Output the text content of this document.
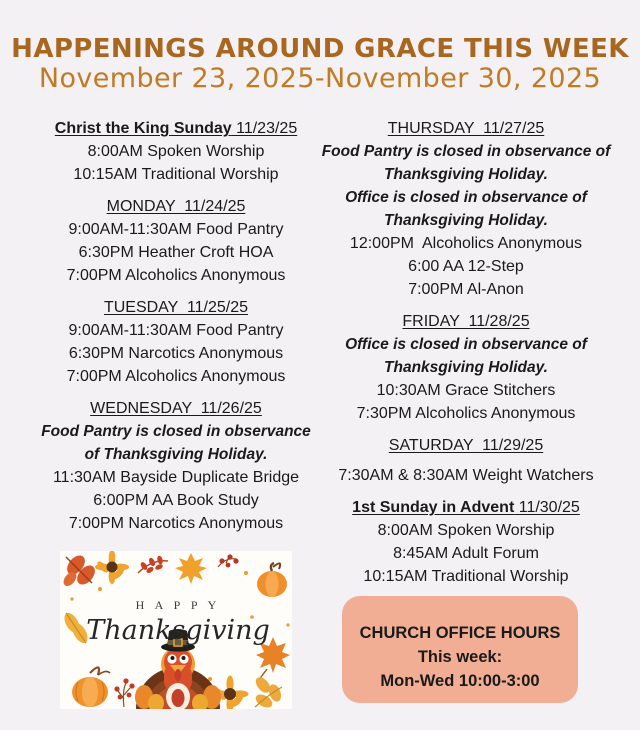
HAPPENINGS AROUND GRACE THIS WEEK
November 23, 2025-November 30, 2025
Christ the King Sunday 11/23/25

8:00AM Spoken Worship

10:15AM Traditional Worship

MONDAY  11/24/25

9:00AM-11:30AM Food Pantry

6:30PM Heather Croft HOA

7:00PM Alcoholics Anonymous

TUESDAY  11/25/25

9:00AM-11:30AM Food Pantry

6:30PM Narcotics Anonymous

7:00PM Alcoholics Anonymous

WEDNESDAY  11/26/25

Food Pantry is closed in observance

of Thanksgiving Holiday.

11:30AM Bayside Duplicate Bridge

6:00PM AA Book Study

7:00PM Narcotics Anonymous

THURSDAY  11/27/25

Food Pantry is closed in observance of

Thanksgiving Holiday.

Office is closed in observance of

Thanksgiving Holiday.

12:00PM  Alcoholics Anonymous

6:00 AA 12-Step

7:00PM Al-Anon

FRIDAY  11/28/25

Office is closed in observance of

Thanksgiving Holiday.

10:30AM Grace Stitchers

7:30PM Alcoholics Anonymous

SATURDAY  11/29/25

7:30AM & 8:30AM Weight Watchers

1st Sunday in Advent 11/30/25

8:00AM Spoken Worship

8:45AM Adult Forum

10:15AM Traditional Worship

H A P P Y
Thanksgiving	CHURCH OFFICE HOURS

This week:

Mon-Wed 10:00-3:00
